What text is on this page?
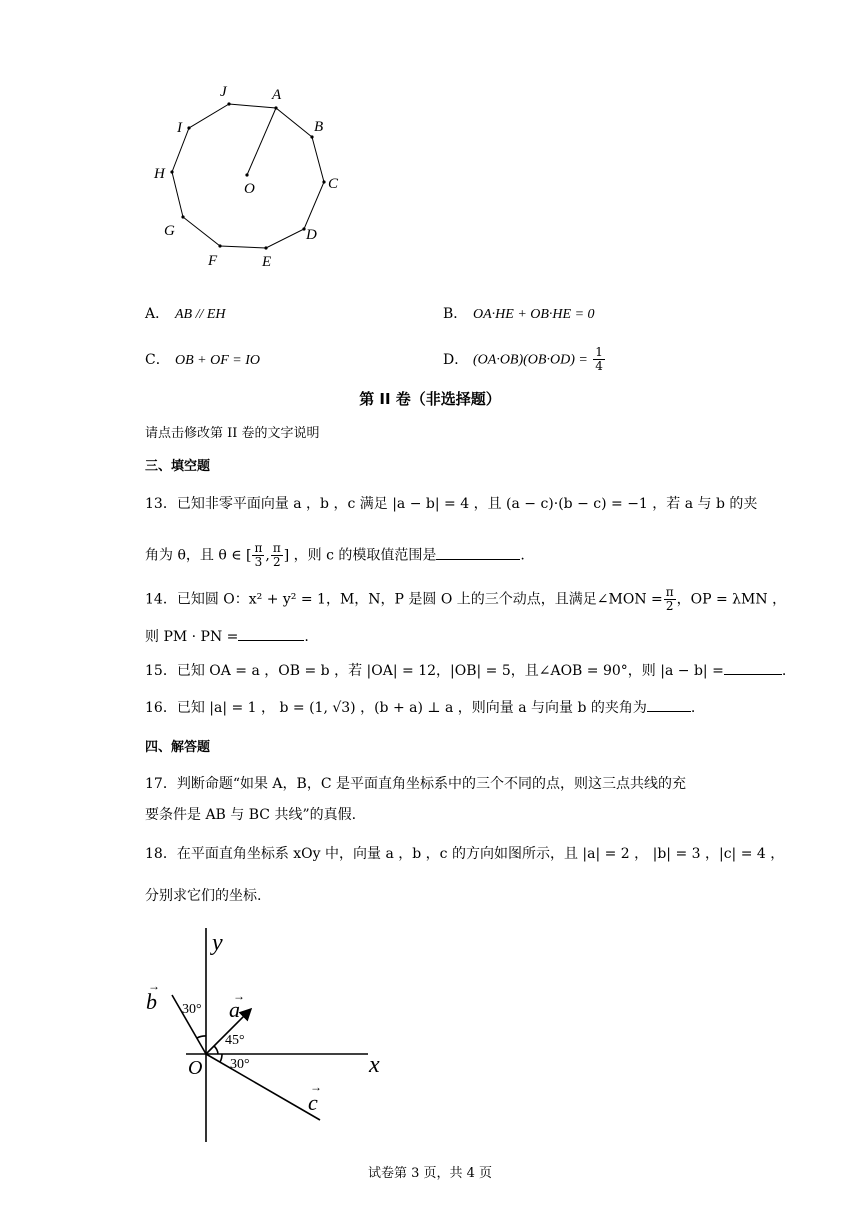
J	A
B
C
D
E
F
G
H
I
O
A． AB // EH	B． OA·HE + OB·HE = 0
C． OB + OF = IO	D． $(OA\cdot OB)(OB\cdot OD) = \frac{1}{4}$
第 II 卷（非选择题）
请点击修改第 II 卷的文字说明
三、填空题
13．已知非零平面向量 a ，b ，c 满足 |a − b| = 4 ，且 (a − c)·(b − c) = −1 ，若 a 与 b 的夹
角为 θ，且 θ ∈ [ $\frac{\pi}{3}$ , $\frac{\pi}{2}$ ] ，则 c 的模取值范围是	.
14．已知圆 O：x² + y² = 1，M，N，P 是圆 O 上的三个动点，且满足∠MON = $\frac{\pi}{2}$ ，OP = λMN ，
则 PM · PN =	.
15．已知 OA = a ，OB = b ，若 |OA| = 12，|OB| = 5，且∠AOB = 90°，则 |a − b| =	.
16．已知 |a| = 1 ， b = (1, √3) ，(b + a) ⊥ a ，则向量 a 与向量 b 的夹角为	.
四、解答题
17．判断命题“如果 A，B，C 是平面直角坐标系中的三个不同的点，则这三点共线的充
要条件是 AB 与 BC 共线”的真假.
18．在平面直角坐标系 xOy 中，向量 a ，b ，c 的方向如图所示，且 |a| = 2 ， |b| = 3 ，|c| = 4 ，
分别求它们的坐标.
y
x
O
a
b
c
→
→
→
30°
45°
30°
试卷第 3 页，共 4 页
